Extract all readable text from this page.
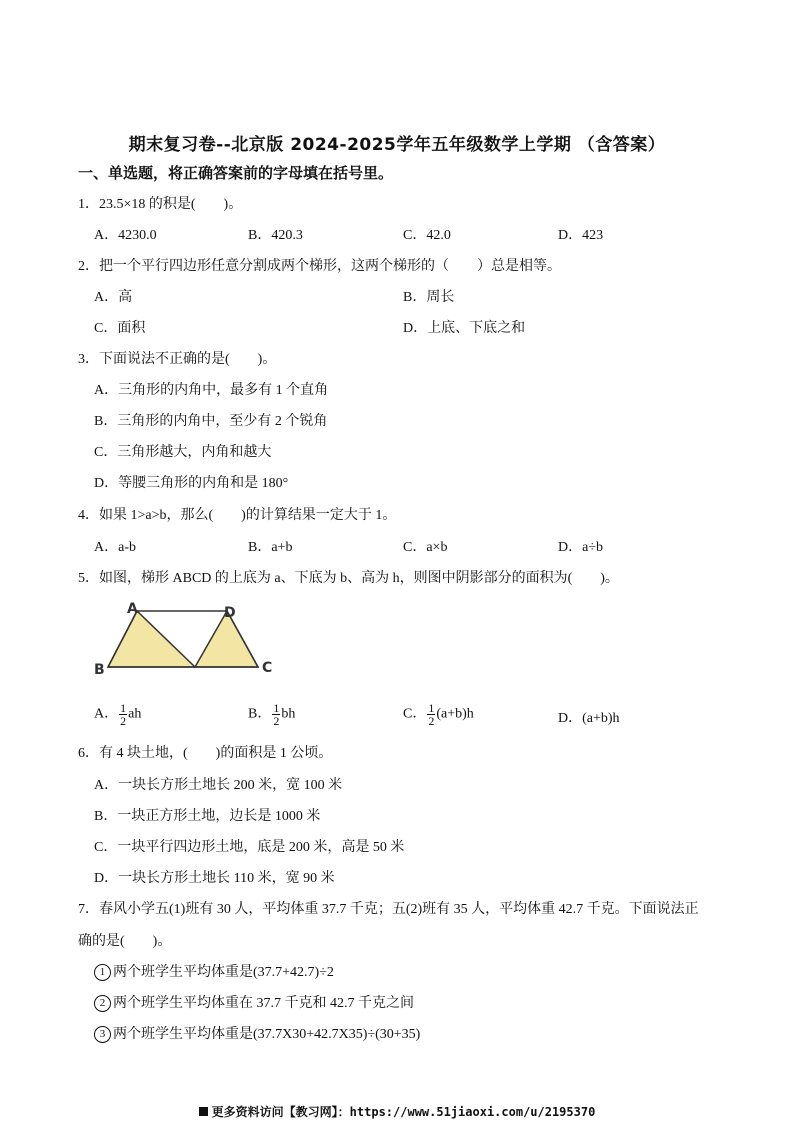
期末复习卷--北京版 2024-2025学年五年级数学上学期 （含答案）
一、单选题，将正确答案前的字母填在括号里。
1．23.5×18 的积是(　　)。
A．4230.0	B．420.3	C．42.0	D．423
2．把一个平行四边形任意分割成两个梯形，这两个梯形的（　　）总是相等。
A．高	B．周长
C．面积	D．上底、下底之和
3．下面说法不正确的是(　　)。
A．三角形的内角中，最多有 1 个直角
B．三角形的内角中，至少有 2 个锐角
C．三角形越大，内角和越大
D．等腰三角形的内角和是 180°
4．如果 1>a>b，那么(　　)的计算结果一定大于 1。
A．a-b	B．a+b	C．a×b	D．a÷b
5．如图，梯形 ABCD 的上底为 a、下底为 b、高为 h，则图中阴影部分的面积为(　　)。
A	D
B	C
A． $\frac{1}{2}$ ah	B． $\frac{1}{2}$ bh	C． $\frac{1}{2} (a+b)h$	D．(a+b)h
6．有 4 块土地，(　　)的面积是 1 公顷。
A．一块长方形土地长 200 米，宽 100 米
B．一块正方形土地，边长是 1000 米
C．一块平行四边形土地，底是 200 米，高是 50 米
D．一块长方形土地长 110 米，宽 90 米
7．春风小学五(1)班有 30 人，平均体重 37.7 千克；五(2)班有 35 人，平均体重 42.7 千克。下面说法正
确的是(　　)。
1 两个班学生平均体重是(37.7+42.7)÷2
2 两个班学生平均体重在 37.7 千克和 42.7 千克之间
3 两个班学生平均体重是(37.7X30+42.7X35)÷(30+35)
更多资料访问【教习网】：https://www.51jiaoxi.com/u/2195370
